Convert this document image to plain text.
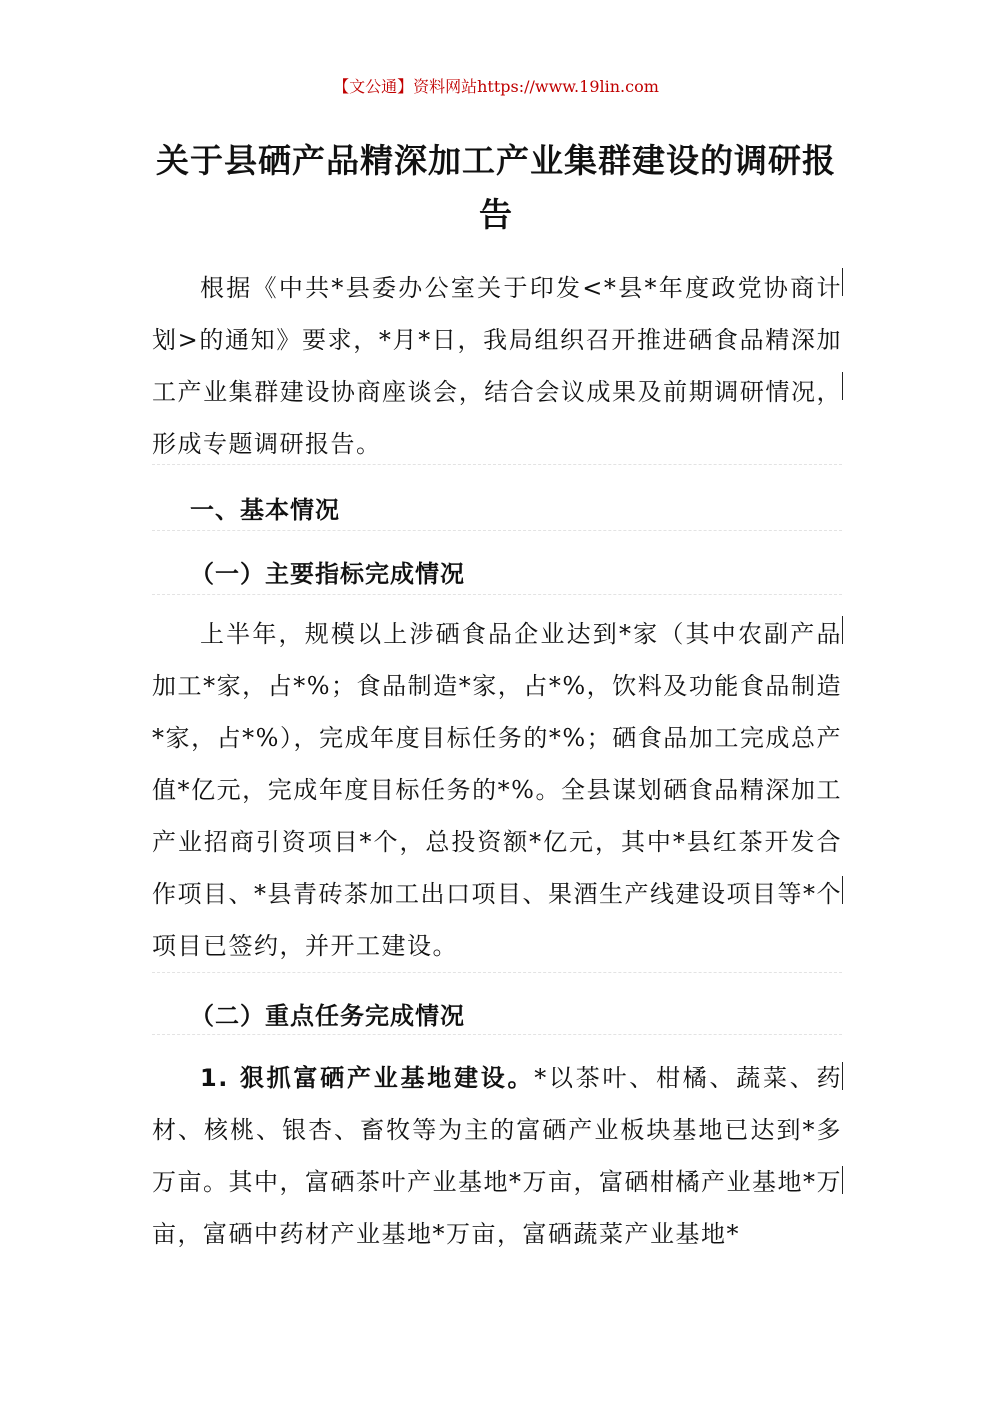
【文公通】资料网站https://www.19lin.com
关于县硒产品精深加工产业集群建设的调研报告
根据《中共*县委办公室关于印发<*县*年度政党协商计划>的通知》要求，*月*日，我局组织召开推进硒食品精深加工产业集群建设协商座谈会，结合会议成果及前期调研情况，形成专题调研报告。
一、基本情况
（一）主要指标完成情况
上半年，规模以上涉硒食品企业达到*家（其中农副产品加工*家，占*%；食品制造*家，占*%，饮料及功能食品制造*家，占*%），完成年度目标任务的*%；硒食品加工完成总产值*亿元，完成年度目标任务的*%。全县谋划硒食品精深加工产业招商引资项目*个，总投资额*亿元，其中*县红茶开发合作项目、*县青砖茶加工出口项目、果酒生产线建设项目等*个项目已签约，并开工建设。
（二）重点任务完成情况
1. 狠抓富硒产业基地建设。*以茶叶、柑橘、蔬菜、药材、核桃、银杏、畜牧等为主的富硒产业板块基地已达到*多万亩。其中，富硒茶叶产业基地*万亩，富硒柑橘产业基地*万亩，富硒中药材产业基地*万亩，富硒蔬菜产业基地*
